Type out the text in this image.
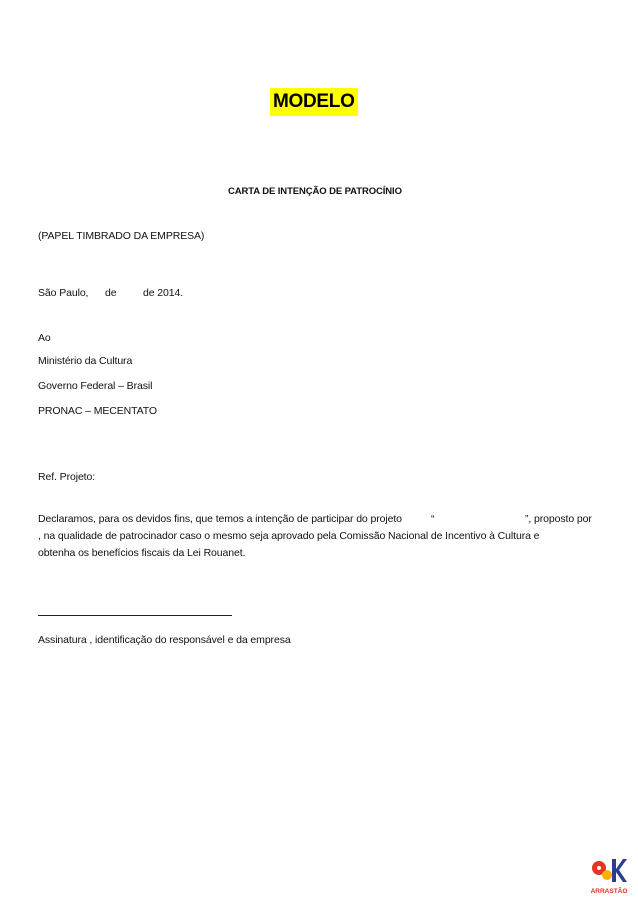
MODELO
CARTA DE INTENÇÃO DE PATROCÍNIO
(PAPEL TIMBRADO DA EMPRESA)
São Paulo, de	de 2014.
Ao
Ministério da Cultura
Governo Federal – Brasil
PRONAC – MECENTATO
Ref. Projeto:
Declaramos, para os devidos fins, que temos a intenção de participar do projeto	“	”, proposto por
, na qualidade de patrocinador caso o mesmo seja aprovado pela Comissão Nacional de Incentivo à Cultura e
obtenha os benefícios fiscais da Lei Rouanet.
Assinatura , identificação do responsável e da empresa
ARRASTÃO
